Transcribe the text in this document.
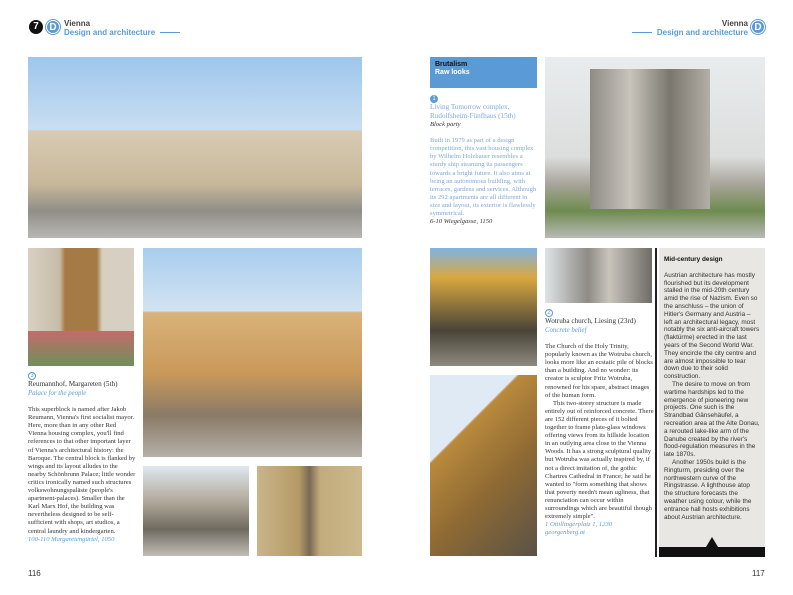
7	D Vienna
Design and architecture
Vienna
Design and architecture D
3
Reumannhof, Margareten (5th)
Palace for the people
This superblock is named after Jakob Reumann, Vienna's first socialist mayor. Here, more than in any other Red Vienna housing complex, you'll find references to that other important layer of Vienna's architectural history: the Baroque. The central block is flanked by wings and its layout alludes to the nearby Schönbrunn Palace; little wonder critics ironically named such structures volkswohnungspaläste (people's apartment-palaces). Smaller than the Karl Marx Hof, the building was nevertheless designed to be self-sufficient with shops, art studios, a central laundry and kindergarten.
100-110 Margaretengürtel, 1050
116
Brutalism
Raw looks
1
Living Tomorrow complex, Rudolfsheim-Fünfhaus (15th)
Block party
Built in 1979 as part of a design competition, this vast housing complex by Wilhelm Holzbauer resembles a sturdy ship steaming its passengers towards a bright future. It also aims at being an autonomous building, with terraces, gardens and services. Although its 292 apartments are all different in size and layout, its exterior is flawlessly symmetrical.
6-10 Wiegelgasse, 1150
2
Wotruba church, Liesing (23rd)
Concrete belief
The Church of the Holy Trinity, popularly known as the Wotruba church, looks more like an ecstatic pile of blocks than a building. And no wonder: its creator is sculptor Fritz Wotruba, renowned for his spare, abstract images of the human form.
This two-storey structure is made entirely out of reinforced concrete. There are 152 different pieces of it bolted together to frame plate-glass windows offering views from its hillside location in an outlying area close to the Vienna Woods. It has a strong sculptural quality but Wotruba was actually inspired by, if not a direct imitation of, the gothic Chartres Cathedral in France; he said he wanted to "form something that shows that poverty needn't mean ugliness, that renunciation can occur within surroundings which are beautiful though extremely simple".
1 Ottillingerplatz 1, 1230
georgenberg.at
Mid-century design
Austrian architecture has mostly flourished but its development stalled in the mid-20th century amid the rise of Nazism. Even so the anschluss – the union of Hitler's Germany and Austria – left an architectural legacy, most notably the six anti-aircraft towers (flaktürme) erected in the last years of the Second World War. They encircle the city centre and are almost impossible to tear down due to their solid construction.
The desire to move on from wartime hardships led to the emergence of pioneering new projects. One such is the Strandbad Gänsehäufel, a recreation area at the Alte Donau, a rerouted lake-like arm of the Danube created by the river's flood-regulation measures in the late 1870s.
Another 1950s build is the Ringturm, presiding over the northwestern curve of the Ringstrasse. A lighthouse atop the structure forecasts the weather using colour, while the entrance hall hosts exhibitions about Austrian architecture.
117
